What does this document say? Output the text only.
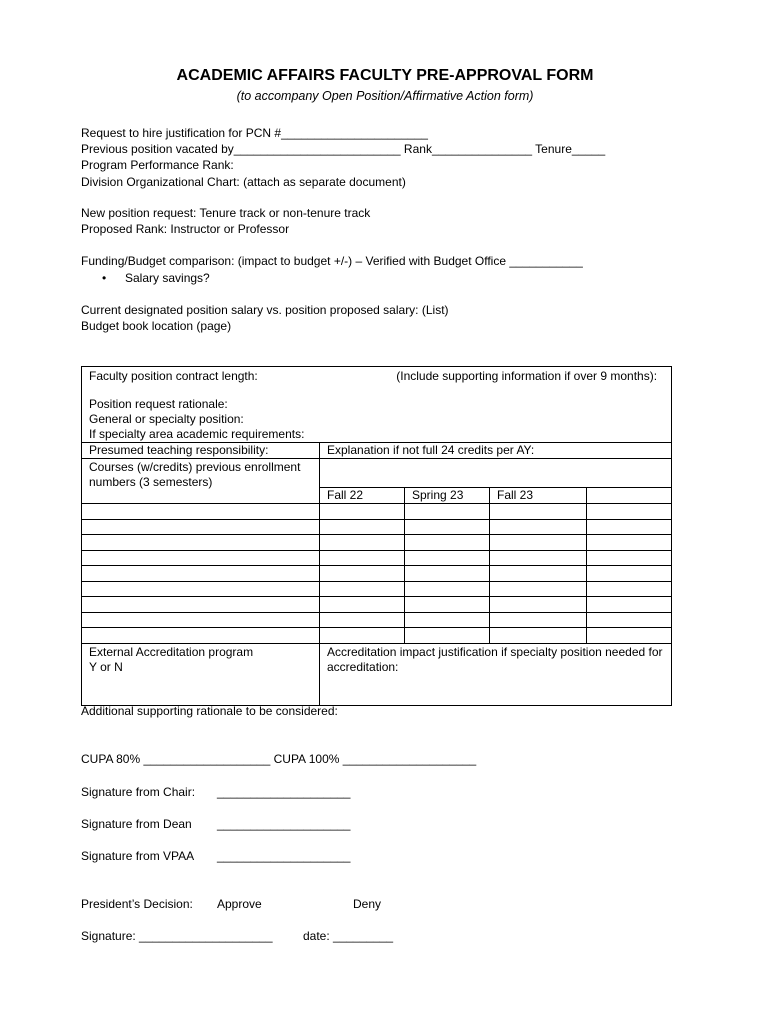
ACADEMIC AFFAIRS FACULTY PRE-APPROVAL FORM
(to accompany Open Position/Affirmative Action form)
Request to hire justification for PCN #______________________
Previous position vacated by_________________________ Rank_______________ Tenure_____
Program Performance Rank:
Division Organizational Chart: (attach as separate document)
New position request: Tenure track or non-tenure track
Proposed Rank: Instructor or Professor
Funding/Budget comparison: (impact to budget +/-) – Verified with Budget Office ___________
• Salary savings?
Current designated position salary vs. position proposed salary: (List)
Budget book location (page)
Faculty position contract length: (Include supporting information if over 9 months):
Position request rationale:
General or specialty position:
If specialty area academic requirements:				

Presumed teaching responsibility:	Explanation if not full 24 credits per AY:			
Courses (w/credits) previous enrollment numbers (3 semesters)				
	Fall 22	Spring 23	Fall 23	

External Accreditation program
Y or N	Accreditation impact justification if specialty position needed for accreditation:			
Additional supporting rationale to be considered:
CUPA 80% ___________________ CUPA 100% ____________________
Signature from Chair: ____________________
Signature from Dean ____________________
Signature from VPAA ____________________
President’s Decision: Approve	Deny
Signature: ____________________	date: _________
